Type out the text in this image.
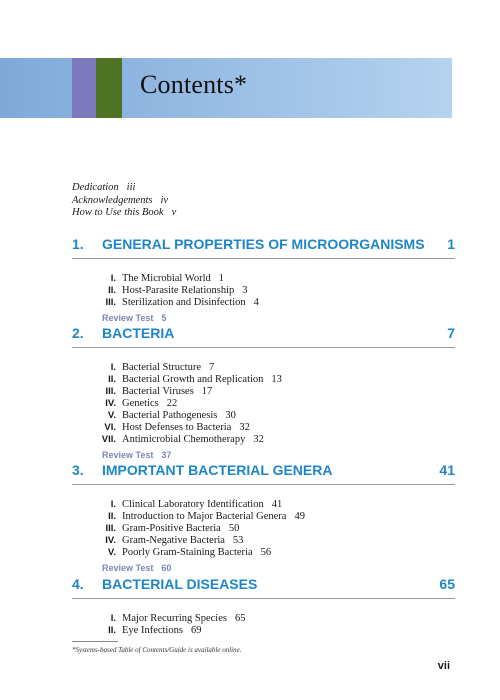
Contents*
Dedication iii
Acknowledgements iv
How to Use this Book v
1. GENERAL PROPERTIES OF MICROORGANISMS 1
I. The Microbial World 1
II. Host-Parasite Relationship 3
III. Sterilization and Disinfection 4
Review Test 5
2. BACTERIA	7
I. Bacterial Structure 7
II. Bacterial Growth and Replication 13
III. Bacterial Viruses 17
IV. Genetics 22
V. Bacterial Pathogenesis 30
VI. Host Defenses to Bacteria 32
VII. Antimicrobial Chemotherapy 32
Review Test 37
3. IMPORTANT BACTERIAL GENERA	41
I. Clinical Laboratory Identification 41
II. Introduction to Major Bacterial Genera 49
III. Gram-Positive Bacteria 50
IV. Gram-Negative Bacteria 53
V. Poorly Gram-Staining Bacteria 56
Review Test 60
4. BACTERIAL DISEASES	65
I. Major Recurring Species 65
II. Eye Infections 69
*Systems-based Table of Contents/Guide is available online.
vii
